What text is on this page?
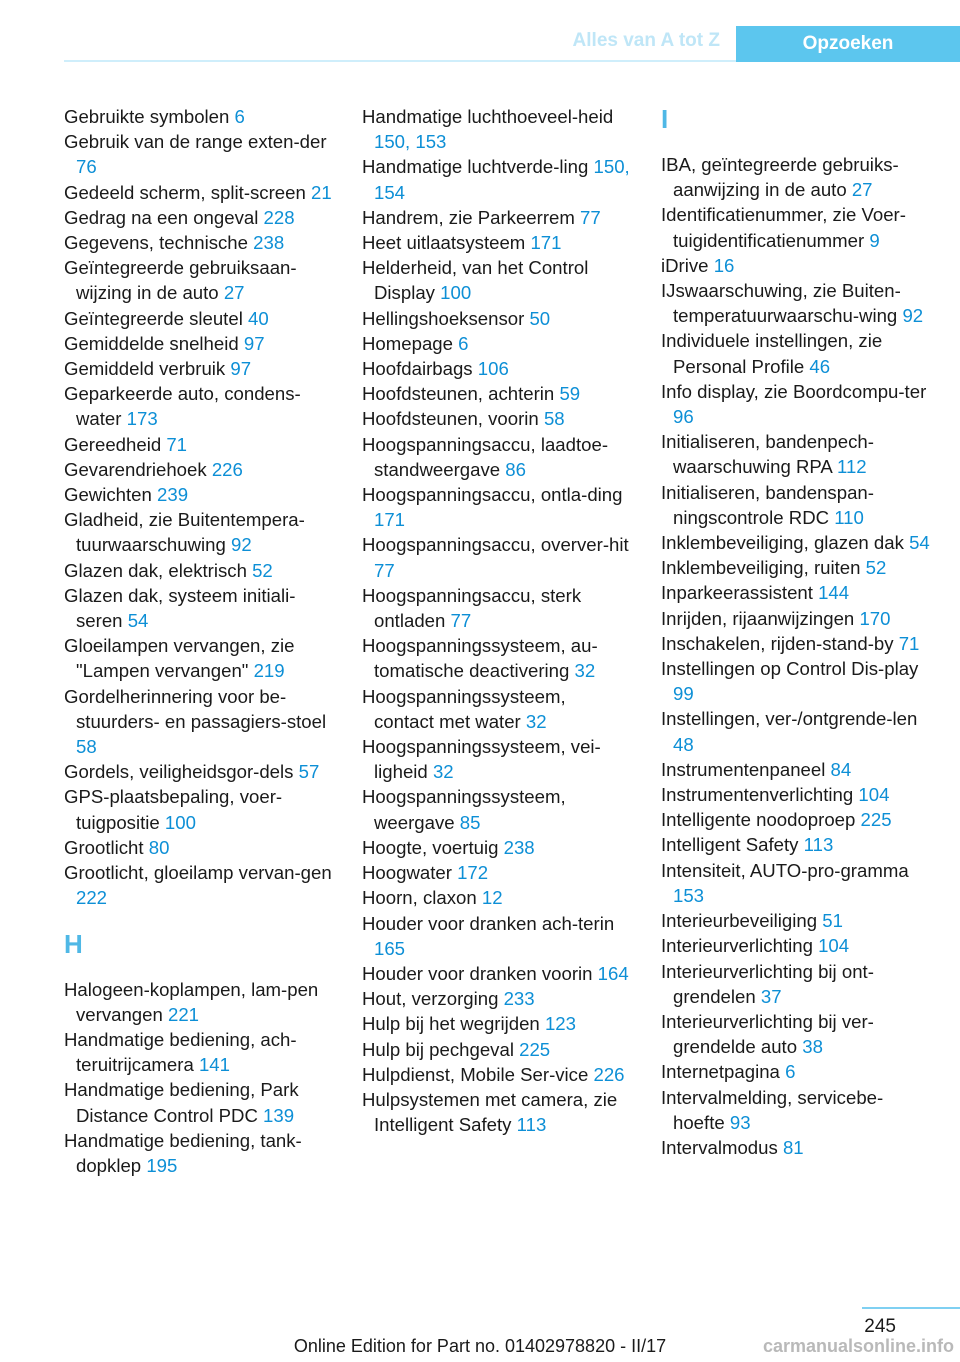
Alles van A tot Z	Opzoeken
Gebruikte symbolen 6
Gebruik van de range exten-der 76
Gedeeld scherm, split-screen 21
Gedrag na een ongeval 228
Gegevens, technische 238
Geïntegreerde gebruiksaan-wijzing in de auto 27
Geïntegreerde sleutel 40
Gemiddelde snelheid 97
Gemiddeld verbruik 97
Geparkeerde auto, condens-water 173
Gereedheid 71
Gevarendriehoek 226
Gewichten 239
Gladheid, zie Buitentempera-tuurwaarschuwing 92
Glazen dak, elektrisch 52
Glazen dak, systeem initiali-seren 54
Gloeilampen vervangen, zie "Lampen vervangen" 219
Gordelherinnering voor be-stuurders- en passagiers-stoel 58
Gordels, veiligheidsgor-dels 57
GPS-plaatsbepaling, voer-tuigpositie 100
Grootlicht 80
Grootlicht, gloeilamp vervan-gen 222
H
Halogeen-koplampen, lam-pen vervangen 221
Handmatige bediening, ach-teruitrijcamera 141
Handmatige bediening, Park Distance Control PDC 139
Handmatige bediening, tank-dopklep 195
Handmatige luchthoeveel-heid 150, 153
Handmatige luchtverde-ling 150, 154
Handrem, zie Parkeerrem 77
Heet uitlaatsysteem 171
Helderheid, van het Control Display 100
Hellingshoeksensor 50
Homepage 6
Hoofdairbags 106
Hoofdsteunen, achterin 59
Hoofdsteunen, voorin 58
Hoogspanningsaccu, laadtoe-standweergave 86
Hoogspanningsaccu, ontla-ding 171
Hoogspanningsaccu, overver-hit 77
Hoogspanningsaccu, sterk ontladen 77
Hoogspanningssysteem, au-tomatische deactivering 32
Hoogspanningssysteem, contact met water 32
Hoogspanningssysteem, vei-ligheid 32
Hoogspanningssysteem, weergave 85
Hoogte, voertuig 238
Hoogwater 172
Hoorn, claxon 12
Houder voor dranken ach-terin 165
Houder voor dranken voorin 164
Hout, verzorging 233
Hulp bij het wegrijden 123
Hulp bij pechgeval 225
Hulpdienst, Mobile Ser-vice 226
Hulpsystemen met camera, zie Intelligent Safety 113
I
IBA, geïntegreerde gebruiks-aanwijzing in de auto 27
Identificatienummer, zie Voer-tuigidentificatienummer 9
iDrive 16
IJswaarschuwing, zie Buiten-temperatuurwaarschu-wing 92
Individuele instellingen, zie Personal Profile 46
Info display, zie Boordcompu-ter 96
Initialiseren, bandenpech-waarschuwing RPA 112
Initialiseren, bandenspan-ningscontrole RDC 110
Inklembeveiliging, glazen dak 54
Inklembeveiliging, ruiten 52
Inparkeerassistent 144
Inrijden, rijaanwijzingen 170
Inschakelen, rijden-stand-by 71
Instellingen op Control Dis-play 99
Instellingen, ver-/ontgrende-len 48
Instrumentenpaneel 84
Instrumentenverlichting 104
Intelligente noodoproep 225
Intelligent Safety 113
Intensiteit, AUTO-pro-gramma 153
Interieurbeveiliging 51
Interieurverlichting 104
Interieurverlichting bij ont-grendelen 37
Interieurverlichting bij ver-grendelde auto 38
Internetpagina 6
Intervalmelding, servicebe-hoefte 93
Intervalmodus 81
245
Online Edition for Part no. 01402978820 - II/17	carmanualsonline.info
